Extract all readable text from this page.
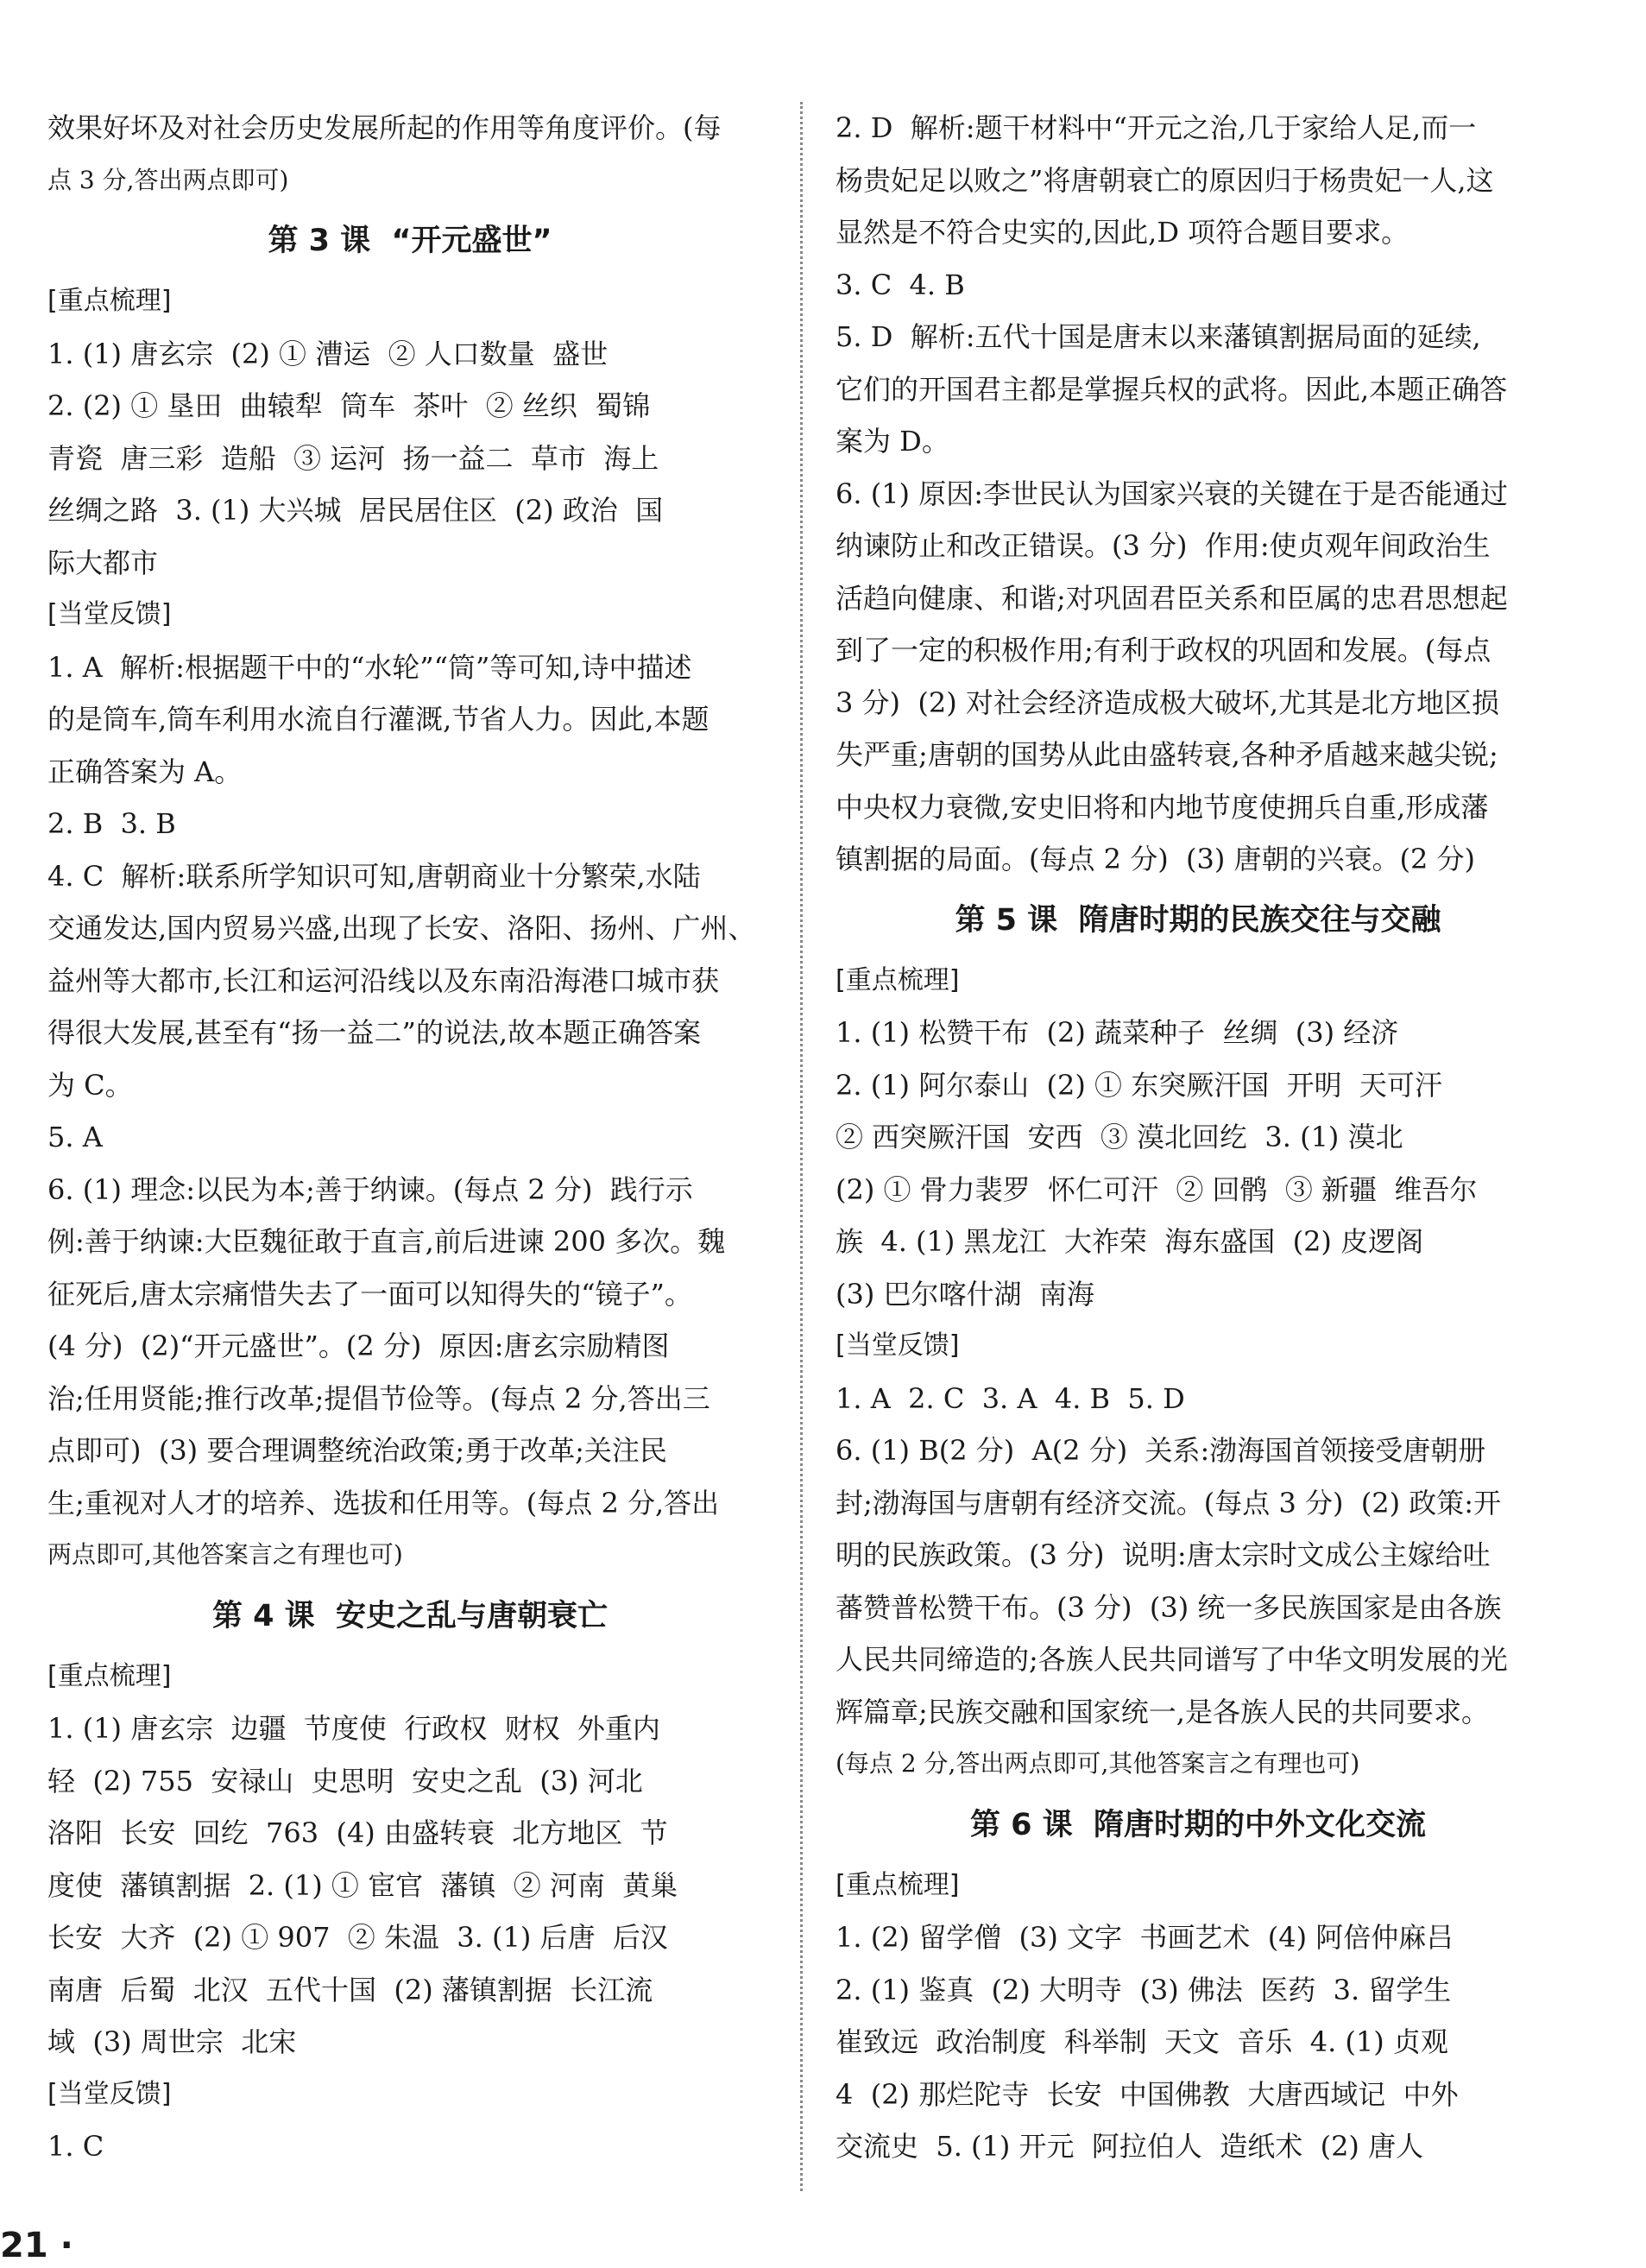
效果好坏及对社会历史发展所起的作用等角度评价。(每
点 3 分,答出两点即可)
第 3 课  “开元盛世”
[重点梳理]
1. (1) 唐玄宗  (2) ① 漕运  ② 人口数量  盛世
2. (2) ① 垦田  曲辕犁  筒车  茶叶  ② 丝织  蜀锦
青瓷  唐三彩  造船  ③ 运河  扬一益二  草市  海上
丝绸之路  3. (1) 大兴城  居民居住区  (2) 政治  国
际大都市
[当堂反馈]
1. A  解析:根据题干中的“水轮”“筒”等可知,诗中描述
的是筒车,筒车利用水流自行灌溉,节省人力。因此,本题
正确答案为 A。
2. B  3. B
4. C  解析:联系所学知识可知,唐朝商业十分繁荣,水陆
交通发达,国内贸易兴盛,出现了长安、洛阳、扬州、广州、
益州等大都市,长江和运河沿线以及东南沿海港口城市获
得很大发展,甚至有“扬一益二”的说法,故本题正确答案
为 C。
5. A
6. (1) 理念:以民为本;善于纳谏。(每点 2 分)  践行示
例:善于纳谏:大臣魏征敢于直言,前后进谏 200 多次。魏
征死后,唐太宗痛惜失去了一面可以知得失的“镜子”。
(4 分)  (2)“开元盛世”。(2 分)  原因:唐玄宗励精图
治;任用贤能;推行改革;提倡节俭等。(每点 2 分,答出三
点即可)  (3) 要合理调整统治政策;勇于改革;关注民
生;重视对人才的培养、选拔和任用等。(每点 2 分,答出
两点即可,其他答案言之有理也可)
第 4 课  安史之乱与唐朝衰亡
[重点梳理]
1. (1) 唐玄宗  边疆  节度使  行政权  财权  外重内
轻  (2) 755  安禄山  史思明  安史之乱  (3) 河北
洛阳  长安  回纥  763  (4) 由盛转衰  北方地区  节
度使  藩镇割据  2. (1) ① 宦官  藩镇  ② 河南  黄巢
长安  大齐  (2) ① 907  ② 朱温  3. (1) 后唐  后汉
南唐  后蜀  北汉  五代十国  (2) 藩镇割据  长江流
域  (3) 周世宗  北宋
[当堂反馈]
1. C
2. D  解析:题干材料中“开元之治,几于家给人足,而一
杨贵妃足以败之”将唐朝衰亡的原因归于杨贵妃一人,这
显然是不符合史实的,因此,D 项符合题目要求。
3. C  4. B
5. D  解析:五代十国是唐末以来藩镇割据局面的延续,
它们的开国君主都是掌握兵权的武将。因此,本题正确答
案为 D。
6. (1) 原因:李世民认为国家兴衰的关键在于是否能通过
纳谏防止和改正错误。(3 分)  作用:使贞观年间政治生
活趋向健康、和谐;对巩固君臣关系和臣属的忠君思想起
到了一定的积极作用;有利于政权的巩固和发展。(每点
3 分)  (2) 对社会经济造成极大破坏,尤其是北方地区损
失严重;唐朝的国势从此由盛转衰,各种矛盾越来越尖锐;
中央权力衰微,安史旧将和内地节度使拥兵自重,形成藩
镇割据的局面。(每点 2 分)  (3) 唐朝的兴衰。(2 分)
第 5 课  隋唐时期的民族交往与交融
[重点梳理]
1. (1) 松赞干布  (2) 蔬菜种子  丝绸  (3) 经济
2. (1) 阿尔泰山  (2) ① 东突厥汗国  开明  天可汗
② 西突厥汗国  安西  ③ 漠北回纥  3. (1) 漠北
(2) ① 骨力裴罗  怀仁可汗  ② 回鹘  ③ 新疆  维吾尔
族  4. (1) 黑龙江  大祚荣  海东盛国  (2) 皮逻阁
(3) 巴尔喀什湖  南海
[当堂反馈]
1. A  2. C  3. A  4. B  5. D
6. (1) B(2 分)  A(2 分)  关系:渤海国首领接受唐朝册
封;渤海国与唐朝有经济交流。(每点 3 分)  (2) 政策:开
明的民族政策。(3 分)  说明:唐太宗时文成公主嫁给吐
蕃赞普松赞干布。(3 分)  (3) 统一多民族国家是由各族
人民共同缔造的;各族人民共同谱写了中华文明发展的光
辉篇章;民族交融和国家统一,是各族人民的共同要求。
(每点 2 分,答出两点即可,其他答案言之有理也可)
第 6 课  隋唐时期的中外文化交流
[重点梳理]
1. (2) 留学僧  (3) 文字  书画艺术  (4) 阿倍仲麻吕
2. (1) 鉴真  (2) 大明寺  (3) 佛法  医药  3. 留学生
崔致远  政治制度  科举制  天文  音乐  4. (1) 贞观
4  (2) 那烂陀寺  长安  中国佛教  大唐西域记  中外
交流史  5. (1) 开元  阿拉伯人  造纸术  (2) 唐人
21 ·
